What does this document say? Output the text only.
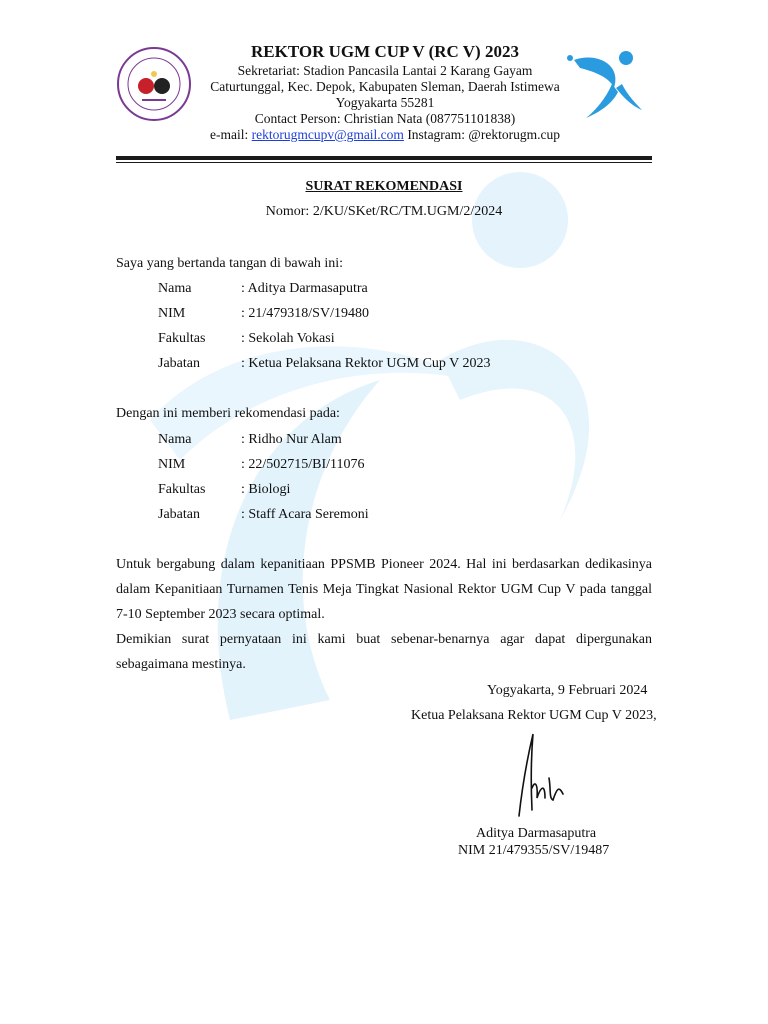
REKTOR UGM CUP V (RC V) 2023
Sekretariat: Stadion Pancasila Lantai 2 Karang Gayam
Caturtunggal, Kec. Depok, Kabupaten Sleman, Daerah Istimewa
Yogyakarta 55281
Contact Person: Christian Nata (087751101838)
e-mail: rektorugmcupv@gmail.com Instagram: @rektorugm.cup
SURAT REKOMENDASI
Nomor: 2/KU/SKet/RC/TM.UGM/2/2024
Saya yang bertanda tangan di bawah ini:
Nama	: Aditya Darmasaputra
NIM	: 21/479318/SV/19480
Fakultas	: Sekolah Vokasi
Jabatan	: Ketua Pelaksana Rektor UGM Cup V 2023
Dengan ini memberi rekomendasi pada:
Nama	: Ridho Nur Alam
NIM	: 22/502715/BI/11076
Fakultas	: Biologi
Jabatan	: Staff Acara Seremoni
Untuk bergabung dalam kepanitiaan PPSMB Pioneer 2024. Hal ini berdasarkan dedikasinya dalam Kepanitiaan Turnamen Tenis Meja Tingkat Nasional Rektor UGM Cup V pada tanggal 7-10 September 2023 secara optimal.
Demikian surat pernyataan ini kami buat sebenar-benarnya agar dapat dipergunakan sebagaimana mestinya.
Yogyakarta, 9 Februari 2024
Ketua Pelaksana Rektor UGM Cup V 2023,
Aditya Darmasaputra
NIM 21/479355/SV/19487
